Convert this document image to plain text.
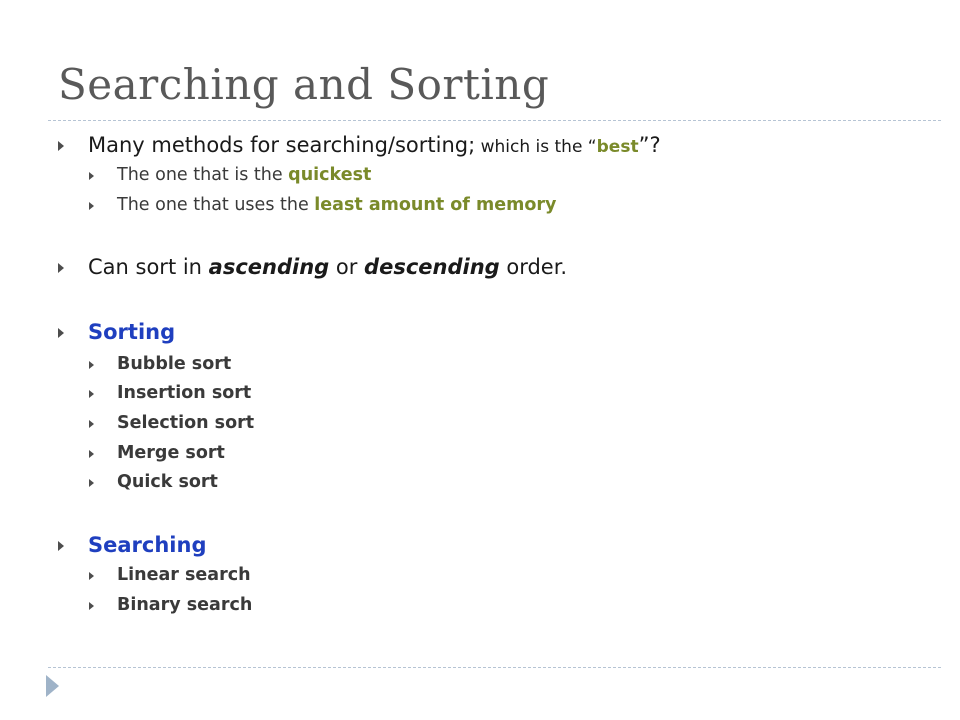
Searching and Sorting
Many methods for searching/sorting; which is the “best”?
The one that is the quickest
The one that uses the least amount of memory
Can sort in ascending or descending order.
Sorting
Bubble sort
Insertion sort
Selection sort
Merge sort
Quick sort
Searching
Linear search
Binary search
